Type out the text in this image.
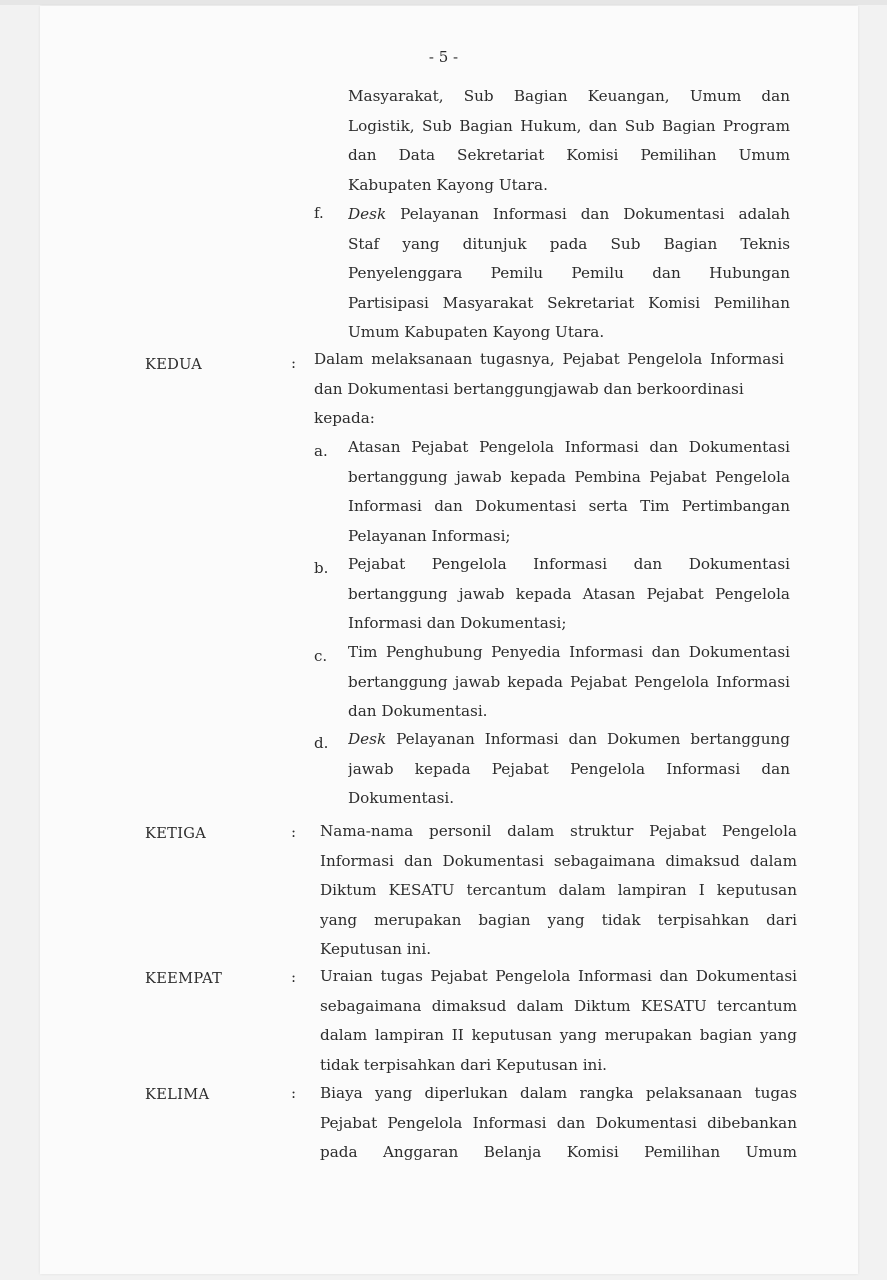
- 5 -
Masyarakat, Sub Bagian Keuangan, Umum dan
Logistik, Sub Bagian Hukum, dan Sub Bagian Program
dan Data Sekretariat Komisi Pemilihan Umum
Kabupaten Kayong Utara.
f. Desk Pelayanan Informasi dan Dokumentasi adalah
Staf yang ditunjuk pada Sub Bagian Teknis
Penyelenggara Pemilu Pemilu dan Hubungan
Partisipasi Masyarakat Sekretariat Komisi Pemilihan
Umum Kabupaten Kayong Utara.
KEDUA	: Dalam melaksanaan tugasnya, Pejabat Pengelola Informasi
dan Dokumentasi bertanggungjawab dan berkoordinasi
kepada:
a. Atasan Pejabat Pengelola Informasi dan Dokumentasi
bertanggung jawab kepada Pembina Pejabat Pengelola
Informasi dan Dokumentasi serta Tim Pertimbangan
Pelayanan Informasi;
b. Pejabat Pengelola Informasi dan Dokumentasi
bertanggung jawab kepada Atasan Pejabat Pengelola
Informasi dan Dokumentasi;
c. Tim Penghubung Penyedia Informasi dan Dokumentasi
bertanggung jawab kepada Pejabat Pengelola Informasi
dan Dokumentasi.
d. Desk Pelayanan Informasi dan Dokumen bertanggung
jawab kepada Pejabat Pengelola Informasi dan
Dokumentasi.
KETIGA	: Nama-nama personil dalam struktur Pejabat Pengelola
Informasi dan Dokumentasi sebagaimana dimaksud dalam
Diktum KESATU tercantum dalam lampiran I keputusan
yang merupakan bagian yang tidak terpisahkan dari
Keputusan ini.
KEEMPAT	: Uraian tugas Pejabat Pengelola Informasi dan Dokumentasi
sebagaimana dimaksud dalam Diktum KESATU tercantum
dalam lampiran II keputusan yang merupakan bagian yang
tidak terpisahkan dari Keputusan ini.
KELIMA	: Biaya yang diperlukan dalam rangka pelaksanaan tugas
Pejabat Pengelola Informasi dan Dokumentasi dibebankan
pada Anggaran Belanja Komisi Pemilihan Umum
